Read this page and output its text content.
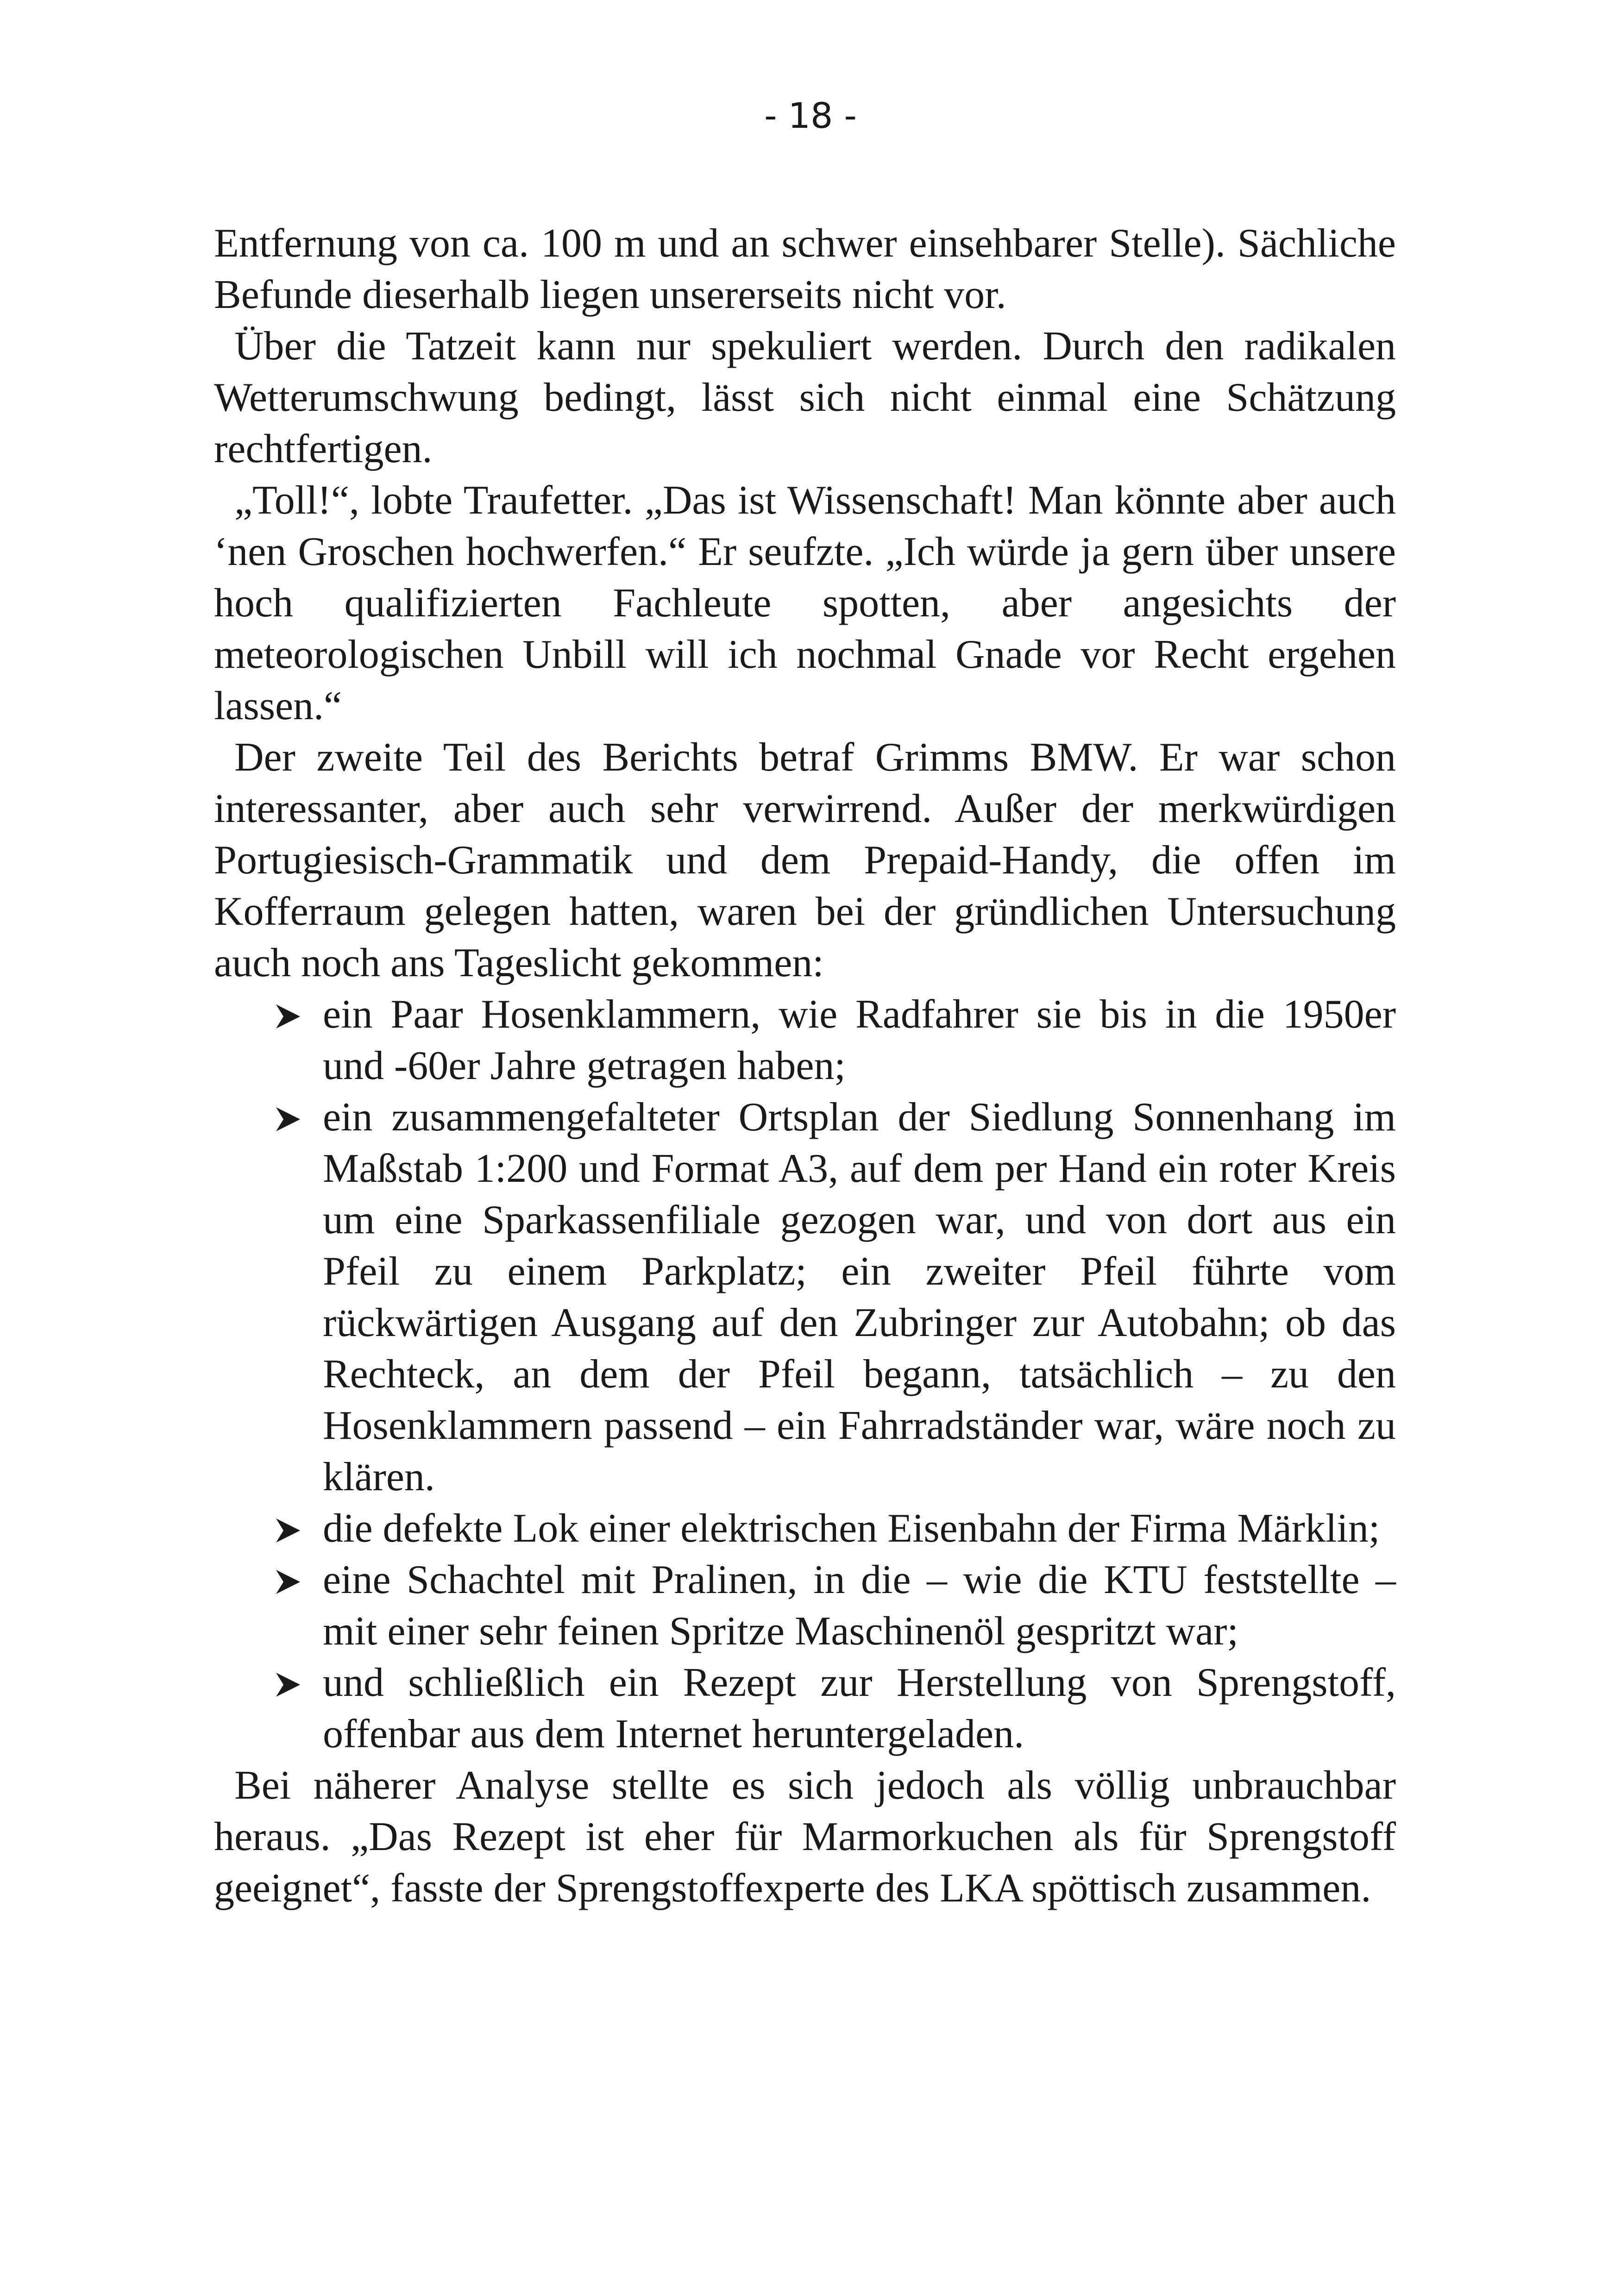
- 18 -

Entfernung von ca. 100 m und an schwer einsehbarer Stelle). Sächliche Befunde dieserhalb liegen unsererseits nicht vor.

Über die Tatzeit kann nur spekuliert werden. Durch den radikalen Wetterumschwung bedingt, lässt sich nicht einmal eine Schätzung rechtfertigen.

„Toll!“, lobte Traufetter. „Das ist Wissenschaft! Man könnte aber auch ‘nen Groschen hochwerfen.“ Er seufzte. „Ich würde ja gern über unsere hoch qualifizierten Fachleute spotten, aber angesichts der meteorologischen Unbill will ich nochmal Gnade vor Recht ergehen lassen.“

Der zweite Teil des Berichts betraf Grimms BMW. Er war schon interessanter, aber auch sehr verwirrend. Außer der merkwürdigen Portugiesisch-Grammatik und dem Prepaid-Handy, die offen im Kofferraum gelegen hatten, waren bei der gründlichen Untersuchung auch noch ans Tageslicht gekommen:

ein Paar Hosenklammern, wie Radfahrer sie bis in die 1950er und -60er Jahre getragen haben;
ein zusammengefalteter Ortsplan der Siedlung Sonnenhang im Maßstab 1:200 und Format A3, auf dem per Hand ein roter Kreis um eine Sparkassenfiliale gezogen war, und von dort aus ein Pfeil zu einem Parkplatz; ein zweiter Pfeil führte vom rückwärtigen Ausgang auf den Zubringer zur Autobahn; ob das Rechteck, an dem der Pfeil begann, tatsächlich – zu den Hosenklammern passend – ein Fahrradständer war, wäre noch zu klären.
die defekte Lok einer elektrischen Eisenbahn der Firma Märklin;
eine Schachtel mit Pralinen, in die – wie die KTU feststellte – mit einer sehr feinen Spritze Maschinenöl gespritzt war;
und schließlich ein Rezept zur Herstellung von Sprengstoff, offenbar aus dem Internet heruntergeladen.

Bei näherer Analyse stellte es sich jedoch als völlig unbrauchbar heraus. „Das Rezept ist eher für Marmorkuchen als für Sprengstoff geeignet“, fasste der Sprengstoffexperte des LKA spöttisch zusammen.
